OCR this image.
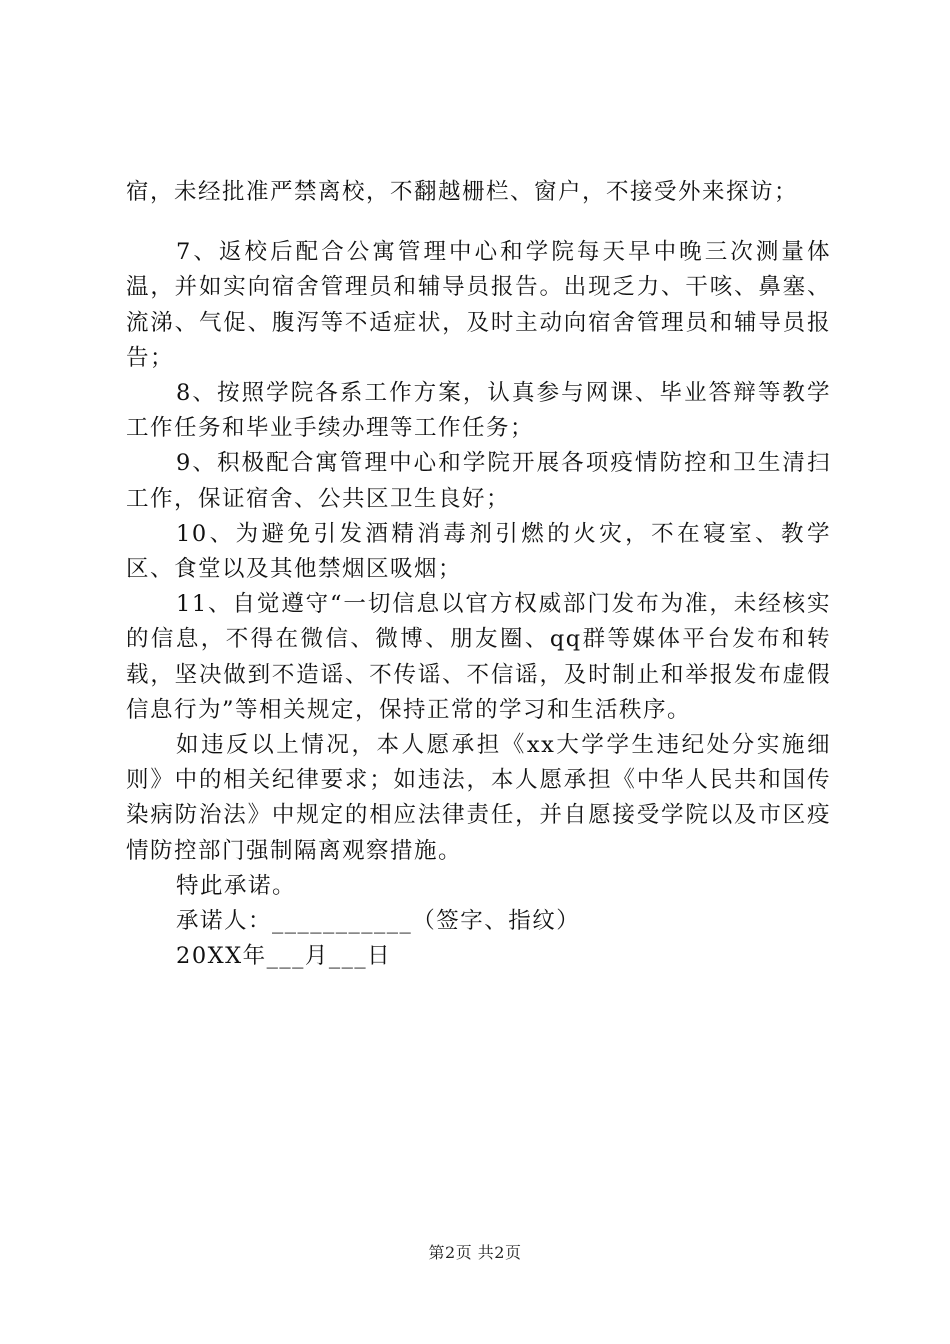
宿，未经批准严禁离校，不翻越栅栏、窗户，不接受外来探访；

7、返校后配合公寓管理中心和学院每天早中晚三次测量体温，并如实向宿舍管理员和辅导员报告。出现乏力、干咳、鼻塞、流涕、气促、腹泻等不适症状，及时主动向宿舍管理员和辅导员报告；

8、按照学院各系工作方案，认真参与网课、毕业答辩等教学工作任务和毕业手续办理等工作任务；

9、积极配合寓管理中心和学院开展各项疫情防控和卫生清扫工作，保证宿舍、公共区卫生良好；

10、为避免引发酒精消毒剂引燃的火灾，不在寝室、教学区、食堂以及其他禁烟区吸烟；

11、自觉遵守“一切信息以官方权威部门发布为准，未经核实的信息，不得在微信、微博、朋友圈、qq群等媒体平台发布和转载，坚决做到不造谣、不传谣、不信谣，及时制止和举报发布虚假信息行为”等相关规定，保持正常的学习和生活秩序。

如违反以上情况，本人愿承担《xx大学学生违纪处分实施细则》中的相关纪律要求；如违法，本人愿承担《中华人民共和国传染病防治法》中规定的相应法律责任，并自愿接受学院以及市区疫情防控部门强制隔离观察措施。

特此承诺。

承诺人：___________（签字、指纹）

20XX年___月___日

第2页 共2页
